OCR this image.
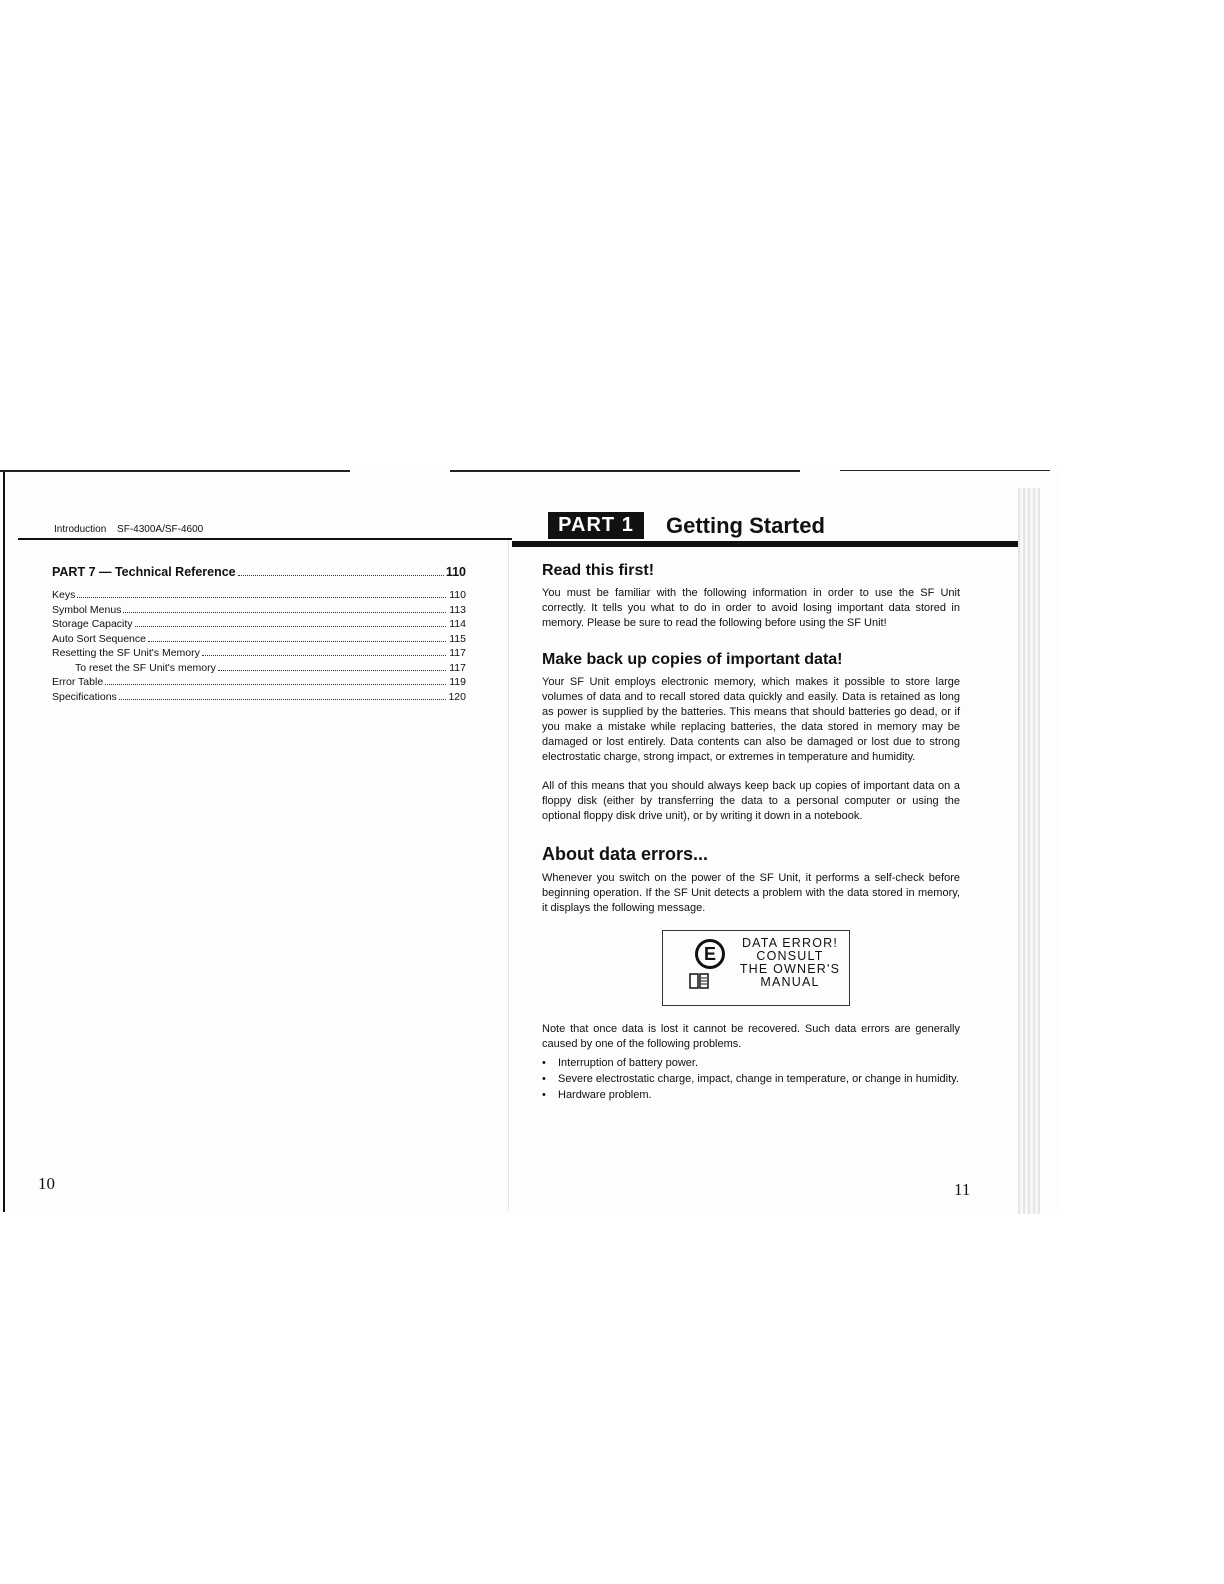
Introduction SF-4300A/SF-4600
PART 7 — Technical Reference	110
Keys	110
Symbol Menus	113
Storage Capacity	114
Auto Sort Sequence	115
Resetting the SF Unit's Memory	117
To reset the SF Unit's memory	117
Error Table	119
Specifications	120
10
PART 1	Getting Started
Read this first!

You must be familiar with the following information in order to use the SF Unit correctly. It tells you what to do in order to avoid losing important data stored in memory. Please be sure to read the following before using the SF Unit!

Make back up copies of important data!

Your SF Unit employs electronic memory, which makes it possible to store large volumes of data and to recall stored data quickly and easily. Data is retained as long as power is supplied by the batteries. This means that should batteries go dead, or if you make a mistake while replacing batteries, the data stored in memory may be damaged or lost entirely. Data contents can also be damaged or lost due to strong electrostatic charge, strong impact, or extremes in temperature and humidity.

All of this means that you should always keep back up copies of important data on a floppy disk (either by transferring the data to a personal computer or using the optional floppy disk drive unit), or by writing it down in a notebook.

About data errors...

Whenever you switch on the power of the SF Unit, it performs a self-check before beginning operation. If the SF Unit detects a problem with the data stored in memory, it displays the following message.

E
DATA ERROR!
CONSULT
THE OWNER'S
MANUAL

Note that once data is lost it cannot be recovered. Such data errors are generally caused by one of the following problems.

• Interruption of battery power.
• Severe electrostatic charge, impact, change in temperature, or change in humidity.
• Hardware problem.
11
